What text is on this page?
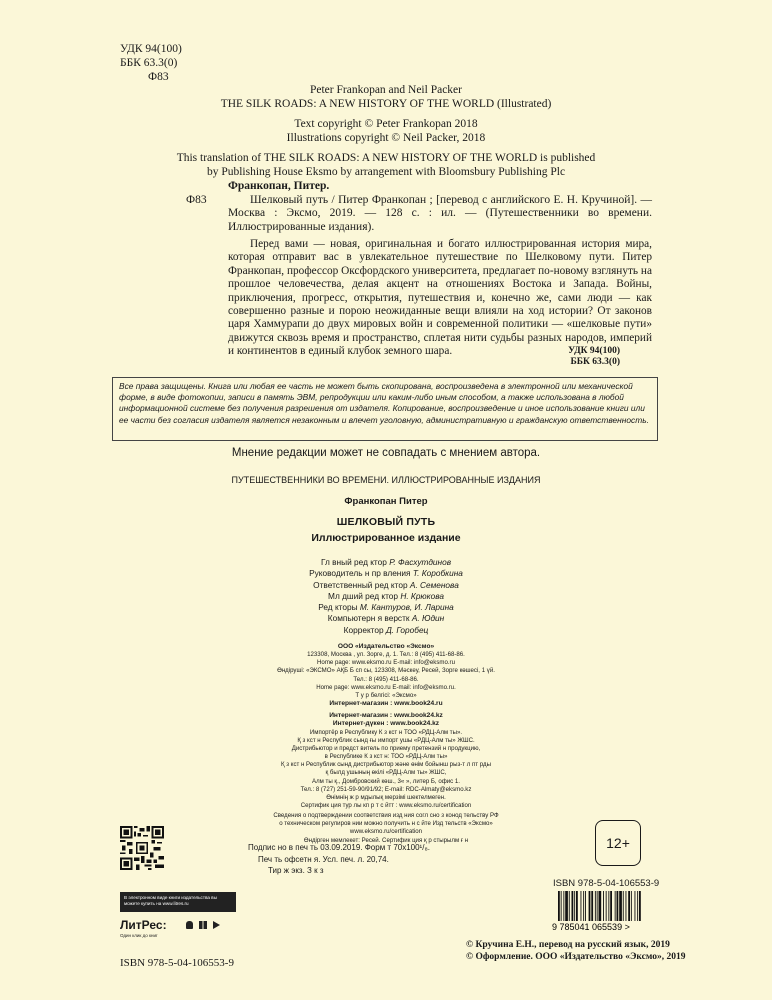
УДК 94(100)
ББК 63.3(0)
Ф83
Peter Frankopan and Neil Packer
THE SILK ROADS: A NEW HISTORY OF THE WORLD (Illustrated)
Text copyright © Peter Frankopan 2018
Illustrations copyright © Neil Packer, 2018
This translation of THE SILK ROADS: A NEW HISTORY OF THE WORLD is published
by Publishing House Eksmo by arrangement with Bloomsbury Publishing Plc
Ф83
Франкопан, Питер.
Шелковый путь / Питер Франкопан ; [перевод с английского Е. Н. Кручиной]. — Москва : Эксмо, 2019. — 128 с. : ил. — (Путешественники во времени. Иллюстрированные издания).
Перед вами — новая, оригинальная и богато иллюстрированная история мира, которая отправит вас в увлекательное путешествие по Шелковому пути. Питер Франкопан, профессор Оксфордского университета, предлагает по-новому взглянуть на прошлое человечества, делая акцент на отношениях Востока и Запада. Войны, приключения, прогресс, открытия, путешествия и, конечно же, сами люди — как совершенно разные и порою неожиданные вещи влияли на ход истории? От законов царя Хаммурапи до двух мировых войн и современной политики — «шелковые пути» движутся сквозь время и пространство, сплетая нити судьбы разных народов, империй и континентов в единый клубок земного шара.	УДК 94(100)
ББК 63.3(0)
Все права защищены. Книга или любая ее часть не может быть скопирована, воспроизведена в электронной или механической форме, в виде фотокопии, записи в память ЭВМ, репродукции или каким-либо иным способом, а также использована в любой информационной системе без получения разрешения от издателя. Копирование, воспроизведение и иное использование книги или ее части без согласия издателя является незаконным и влечет уголовную, административную и гражданскую ответственность.
Мнение редакции может не совпадать с мнением автора.
ПУТЕШЕСТВЕННИКИ ВО ВРЕМЕНИ. ИЛЛЮСТРИРОВАННЫЕ ИЗДАНИЯ
Франкопан Питер
ШЕЛКОВЫЙ ПУТЬ
Иллюстрированное издание
Гл вный ред ктор Р. Фасхутдинов
Руководитель н пр вления Т. Коробкина
Ответственный ред ктор А. Семенова
Мл дший ред ктор Н. Крюкова
Ред кторы М. Кантуров, И. Ларина
Компьютерн я верстк А. Юдин
Корректор Д. Горобец
ООО «Издательство «Эксмо»
123308, Москва , ул. Зорге, д. 1. Тел.: 8 (495) 411-68-86.
Home page: www.eksmo.ru E-mail: info@eksmo.ru
Өндіруші: «ЭКСМО» АҚБ Б сп сы, 123308, Мәскеу, Ресей, Зорге көшесі, 1 үй.
Тел.: 8 (495) 411-68-86.
Home page: www.eksmo.ru E-mail: info@eksmo.ru.
Т у р белгісі: «Эксмо»
Интернет-магазин : www.book24.ru
Интернет-магазин : www.book24.kz
Интернет-дүкен : www.book24.kz
Импортёр в Республику К з кст н ТОО «РДЦ-Алм ты».
Қ з кст н Республик сынд ғы импорт ушы «РДЦ-Алм ты» ЖШС.
Дистрибьютор и предст витель по приему претензий н продукцию,
в Республике К з кст н: ТОО «РДЦ-Алм ты»
Қ з кст н Республик сынд дистрибьютор және өнім бойынш рыз-т л пт рды
қ былд ушының өкілі «РДЦ-Алм ты» ЖШС,
Алм ты қ., Домбровский көш., 3« », литер Б, офис 1.
Тел.: 8 (727) 251-59-90/91/92; E-mail: RDC-Almaty@eksmo.kz
Өнімнің ж р мдылық мерзімі шектелмеген.
Сертифик ция тур лы кп р т с йтт : www.eksmo.ru/certification
Сведения о подтверждении соответствия изд ния согл сно з конод тельству РФ
о техническом регулиров нии можно получить н с йте Изд тельств «Эксмо»
www.eksmo.ru/certification
Өндірген мемлекет: Ресей. Сертифик ция қ р стырылм ғ н	12+
Подпис но в печ ть 03.09.2019. Форм т 70x100¹/₈.
Печ ть офсетн я. Усл. печ. л. 20,74.
Тир ж экз. З к з
В электронном виде книги издательства вы можете купить на www.litres.ru
ЛитРес:
Один клик до книг
ISBN 978-5-04-106553-9
ISBN 978-5-04-106553-9
9 785041 065539 >
© Кручина Е.Н., перевод на русский язык, 2019
© Оформление. ООО «Издательство «Эксмо», 2019
